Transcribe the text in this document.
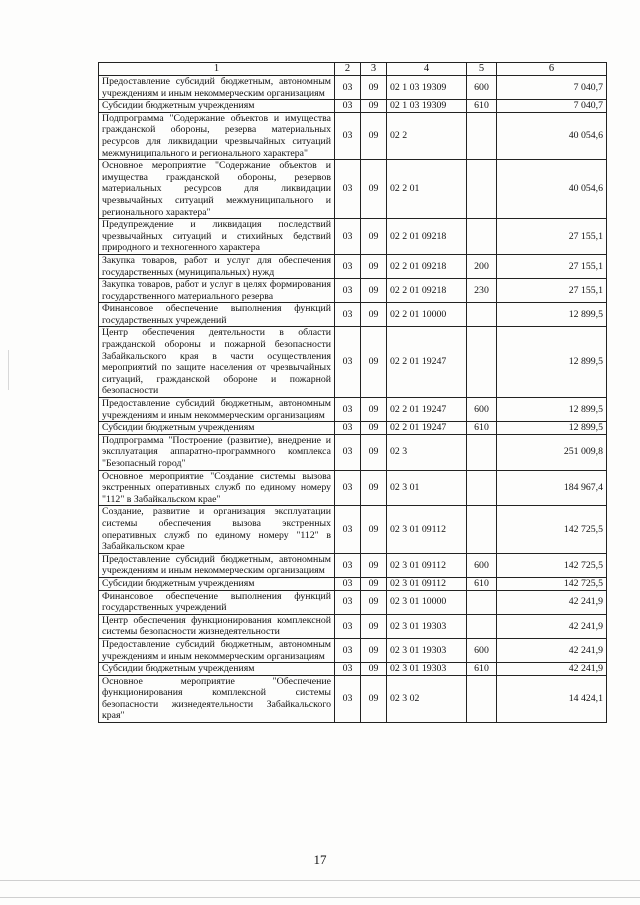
1	2	3	4	5	6
Предоставление субсидий бюджетным, автономным учреждениям и иным некоммерческим организациям	03	09	02 1 03 19309	600	7 040,7
Субсидии бюджетным учреждениям	03	09	02 1 03 19309	610	7 040,7
Подпрограмма "Содержание объектов и имущества гражданской обороны, резерва материальных ресурсов для ликвидации чрезвычайных ситуаций межмуниципального и регионального характера"	03	09	02 2		40 054,6
Основное мероприятие "Содержание объектов и имущества гражданской обороны, резервов материальных ресурсов для ликвидации чрезвычайных ситуаций межмуниципального и регионального характера"	03	09	02 2 01		40 054,6
Предупреждение и ликвидация последствий чрезвычайных ситуаций и стихийных бедствий природного и техногенного характера	03	09	02 2 01 09218		27 155,1
Закупка товаров, работ и услуг для обеспечения государственных (муниципальных) нужд	03	09	02 2 01 09218	200	27 155,1
Закупка товаров, работ и услуг в целях формирования государственного материального резерва	03	09	02 2 01 09218	230	27 155,1
Финансовое обеспечение выполнения функций государственных учреждений	03	09	02 2 01 10000		12 899,5
Центр обеспечения деятельности в области гражданской обороны и пожарной безопасности Забайкальского края в части осуществления мероприятий по защите населения от чрезвычайных ситуаций, гражданской обороне и пожарной безопасности	03	09	02 2 01 19247		12 899,5
Предоставление субсидий бюджетным, автономным учреждениям и иным некоммерческим организациям	03	09	02 2 01 19247	600	12 899,5
Субсидии бюджетным учреждениям	03	09	02 2 01 19247	610	12 899,5
Подпрограмма "Построение (развитие), внедрение и эксплуатация аппаратно-программного комплекса "Безопасный город"	03	09	02 3		251 009,8
Основное мероприятие "Создание системы вызова экстренных оперативных служб по единому номеру "112" в Забайкальском крае"	03	09	02 3 01		184 967,4
Создание, развитие и организация эксплуатации системы обеспечения вызова экстренных оперативных служб по единому номеру "112" в Забайкальском крае	03	09	02 3 01 09112		142 725,5
Предоставление субсидий бюджетным, автономным учреждениям и иным некоммерческим организациям	03	09	02 3 01 09112	600	142 725,5
Субсидии бюджетным учреждениям	03	09	02 3 01 09112	610	142 725,5
Финансовое обеспечение выполнения функций государственных учреждений	03	09	02 3 01 10000		42 241,9
Центр обеспечения функционирования комплексной системы безопасности жизнедеятельности	03	09	02 3 01 19303		42 241,9
Предоставление субсидий бюджетным, автономным учреждениям и иным некоммерческим организациям	03	09	02 3 01 19303	600	42 241,9
Субсидии бюджетным учреждениям	03	09	02 3 01 19303	610	42 241,9
Основное мероприятие "Обеспечение функционирования комплексной системы безопасности жизнедеятельности Забайкальского края"	03	09	02 3 02		14 424,1
17
